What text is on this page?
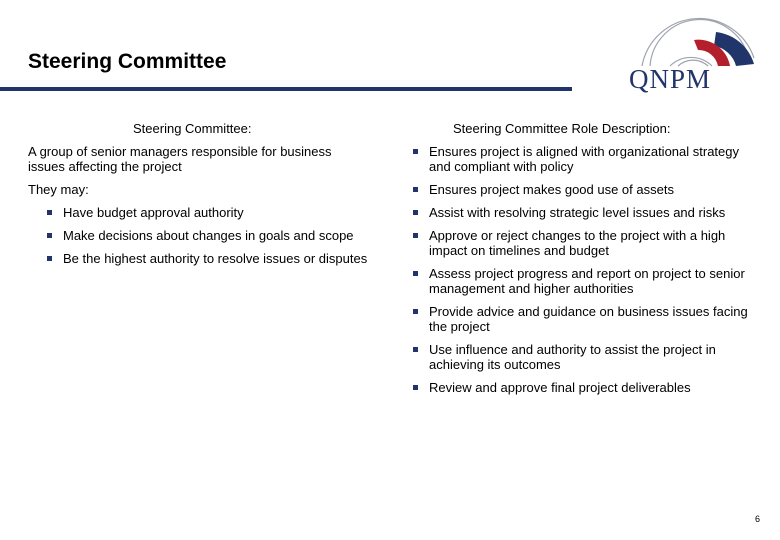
Steering Committee
QNPM
Steering Committee:	Steering Committee Role Description:

A group of senior managers responsible for business issues affecting the project

They may:

Have budget approval authority
Make decisions about changes in goals and scope
Be the highest authority to resolve issues or disputes
Ensures project is aligned with organizational strategy and compliant with policy
Ensures project makes good use of assets
Assist with resolving strategic level issues and risks
Approve or reject changes to the project with a high impact on timelines and budget
Assess project progress and report on project to senior management and higher authorities
Provide advice and guidance on business issues facing the project
Use influence and authority to assist the project in achieving its outcomes
Review and approve final project deliverables
6
